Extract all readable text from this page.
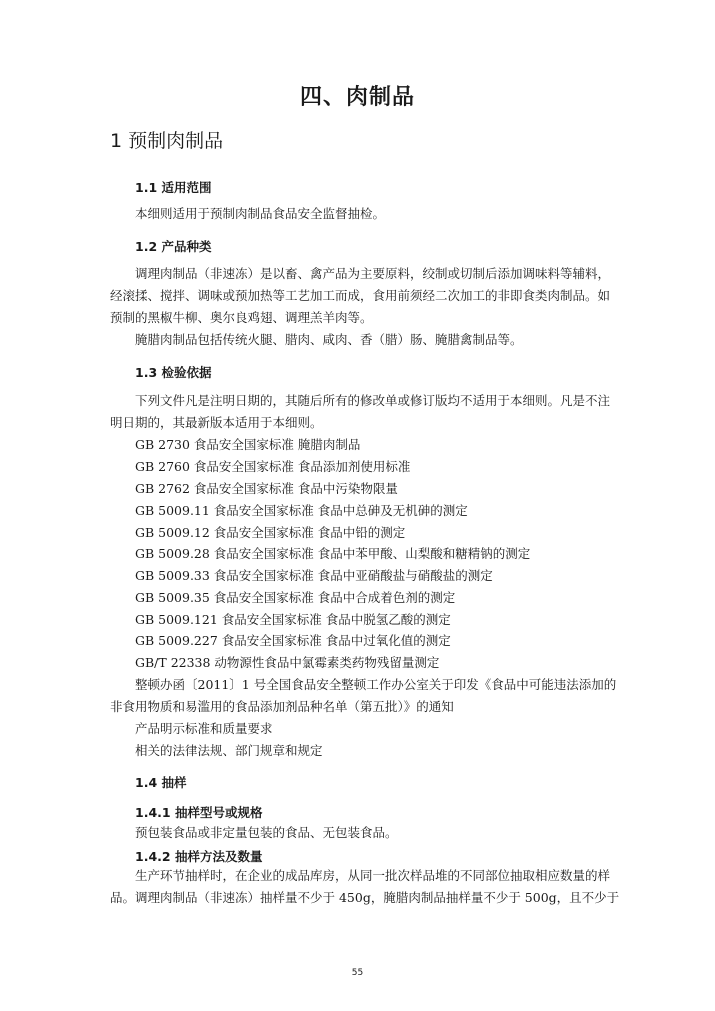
四、肉制品
1 预制肉制品
1.1 适用范围
本细则适用于预制肉制品食品安全监督抽检。
1.2 产品种类
调理肉制品（非速冻）是以畜、禽产品为主要原料，绞制或切制后添加调味料等辅料，
经滚揉、搅拌、调味或预加热等工艺加工而成，食用前须经二次加工的非即食类肉制品。如
预制的黑椒牛柳、奥尔良鸡翅、调理羔羊肉等。
腌腊肉制品包括传统火腿、腊肉、咸肉、香（腊）肠、腌腊禽制品等。
1.3 检验依据
下列文件凡是注明日期的，其随后所有的修改单或修订版均不适用于本细则。凡是不注
明日期的，其最新版本适用于本细则。
GB 2730 食品安全国家标准 腌腊肉制品
GB 2760 食品安全国家标准 食品添加剂使用标准
GB 2762 食品安全国家标准 食品中污染物限量
GB 5009.11 食品安全国家标准 食品中总砷及无机砷的测定
GB 5009.12 食品安全国家标准 食品中铅的测定
GB 5009.28 食品安全国家标准 食品中苯甲酸、山梨酸和糖精钠的测定
GB 5009.33 食品安全国家标准 食品中亚硝酸盐与硝酸盐的测定
GB 5009.35 食品安全国家标准 食品中合成着色剂的测定
GB 5009.121 食品安全国家标准 食品中脱氢乙酸的测定
GB 5009.227 食品安全国家标准 食品中过氧化值的测定
GB/T 22338 动物源性食品中氯霉素类药物残留量测定
整顿办函〔2011〕1 号全国食品安全整顿工作办公室关于印发《食品中可能违法添加的
非食用物质和易滥用的食品添加剂品种名单（第五批）》的通知
产品明示标准和质量要求
相关的法律法规、部门规章和规定
1.4 抽样
1.4.1 抽样型号或规格
预包装食品或非定量包装的食品、无包装食品。
1.4.2 抽样方法及数量
生产环节抽样时，在企业的成品库房，从同一批次样品堆的不同部位抽取相应数量的样
品。调理肉制品（非速冻）抽样量不少于 450g，腌腊肉制品抽样量不少于 500g，且不少于
55
